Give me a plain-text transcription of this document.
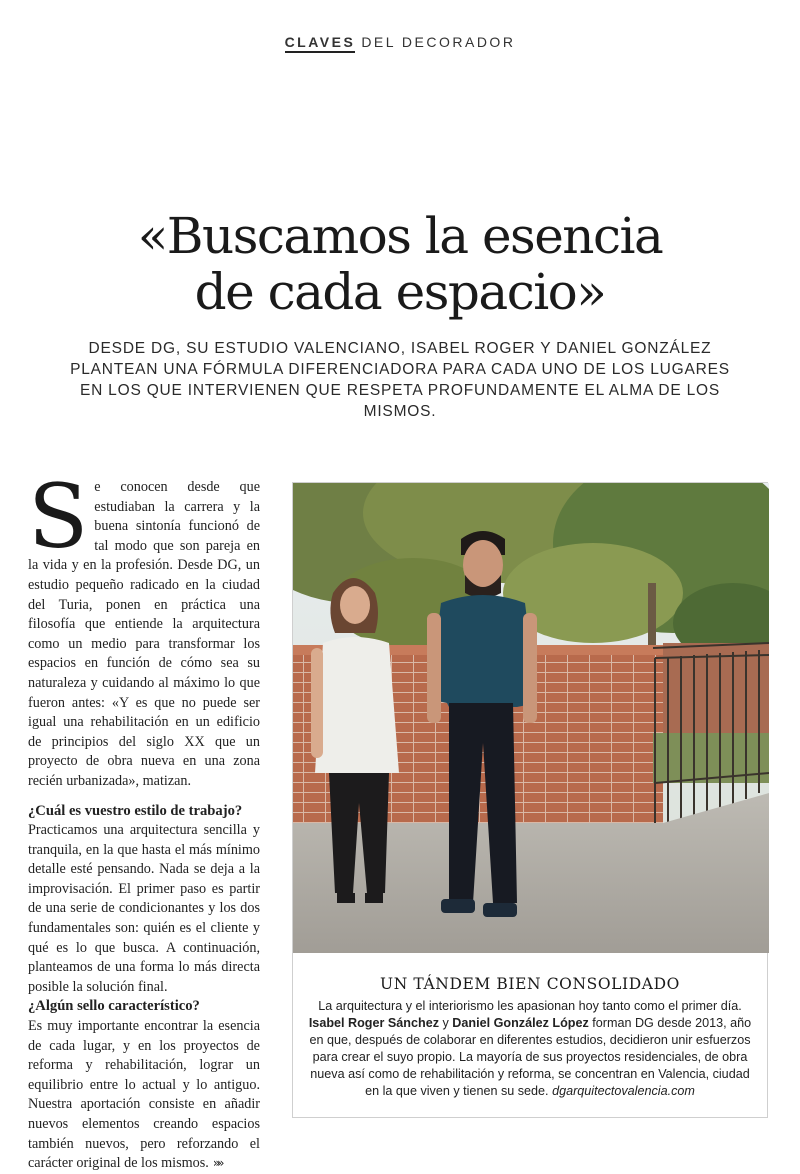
CLAVES DEL DECORADOR
«Buscamos la esencia
de cada espacio»

DESDE DG, SU ESTUDIO VALENCIANO, ISABEL ROGER Y DANIEL GONZÁLEZ PLANTEAN UNA FÓRMULA DIFERENCIADORA PARA CADA UNO DE LOS LUGARES EN LOS QUE INTERVIENEN QUE RESPETA PROFUNDAMENTE EL ALMA DE LOS MISMOS.

Se conocen desde que estudiaban la carrera y la buena sintonía funcionó de tal modo que son pareja en la vida y en la profesión. Desde DG, un estudio pequeño radicado en la ciudad del Turia, ponen en práctica una filosofía que entiende la arquitectura como un medio para transformar los espacios en función de cómo sea su naturaleza y cuidando al máximo lo que fueron antes: «Y es que no puede ser igual una rehabilitación en un edificio de principios del siglo XX que un proyecto de obra nueva en una zona recién urbanizada», matizan.

¿Cuál es vuestro estilo de trabajo?

Practicamos una arquitectura sencilla y tranquila, en la que hasta el más mínimo detalle esté pensando. Nada se deja a la improvisación. El primer paso es partir de una serie de condicionantes y los dos fundamentales son: quién es el cliente y qué es lo que busca. A continuación, planteamos de una forma lo más directa posible la solución final.

¿Algún sello característico?

Es muy importante encontrar la esencia de cada lugar, y en los proyectos de reforma y rehabilitación, lograr un equilibrio entre lo actual y lo antiguo. Nuestra aportación consiste en añadir nuevos elementos creando espacios también nuevos, pero reforzando el carácter original de los mismos. »»

UN TÁNDEM BIEN CONSOLIDADO

La arquitectura y el interiorismo les apasionan hoy tanto como el primer día. Isabel Roger Sánchez y Daniel González López forman DG desde 2013, año en que, después de colaborar en diferentes estudios, decidieron unir esfuerzos para crear el suyo propio. La mayoría de sus proyectos residenciales, de obra nueva así como de rehabilitación y reforma, se concentran en Valencia, ciudad en la que viven y tienen su sede. dgarquitectovalencia.com
